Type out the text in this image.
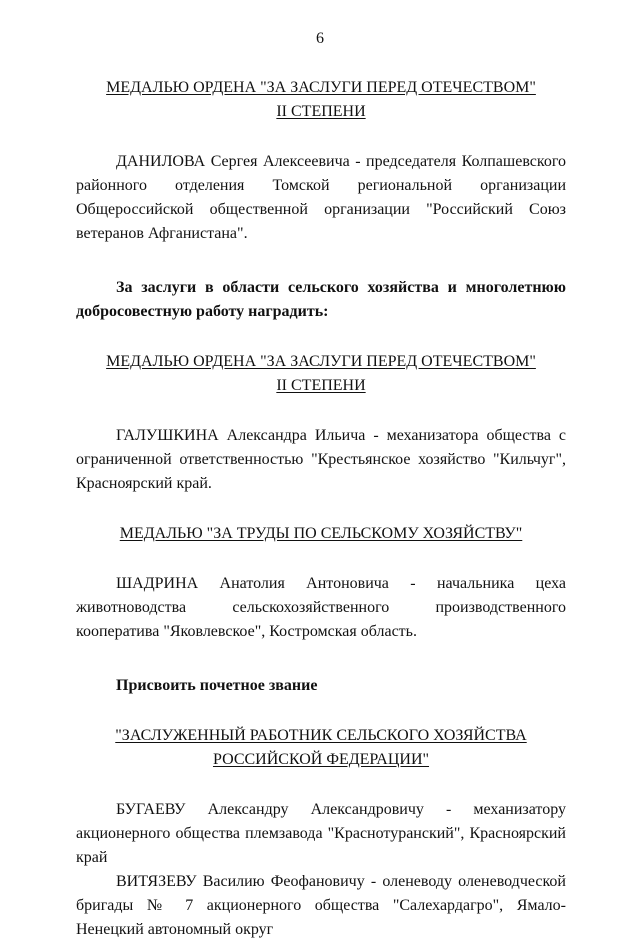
6
МЕДАЛЬЮ ОРДЕНА "ЗА ЗАСЛУГИ ПЕРЕД ОТЕЧЕСТВОМ"
II СТЕПЕНИ

ДАНИЛОВА Сергея Алексеевича - председателя Колпашевского районного отделения Томской региональной организации Общероссийской общественной организации "Российский Союз ветеранов Афганистана".

За заслуги в области сельского хозяйства и многолетнюю добросовестную работу наградить:

МЕДАЛЬЮ ОРДЕНА "ЗА ЗАСЛУГИ ПЕРЕД ОТЕЧЕСТВОМ"
II СТЕПЕНИ

ГАЛУШКИНА Александра Ильича - механизатора общества с ограниченной ответственностью "Крестьянское хозяйство "Кильчуг", Красноярский край.

МЕДАЛЬЮ "ЗА ТРУДЫ ПО СЕЛЬСКОМУ ХОЗЯЙСТВУ"

ШАДРИНА Анатолия Антоновича - начальника цеха животноводства сельскохозяйственного производственного кооператива "Яковлевское", Костромская область.

Присвоить почетное звание

"ЗАСЛУЖЕННЫЙ РАБОТНИК СЕЛЬСКОГО ХОЗЯЙСТВА
РОССИЙСКОЙ ФЕДЕРАЦИИ"

БУГАЕВУ Александру Александровичу - механизатору акционерного общества племзавода "Краснотуранский", Красноярский край

ВИТЯЗЕВУ Василию Феофановичу - оленеводу оленеводческой бригады № 7 акционерного общества "Салехардагро", Ямало-Ненецкий автономный округ
